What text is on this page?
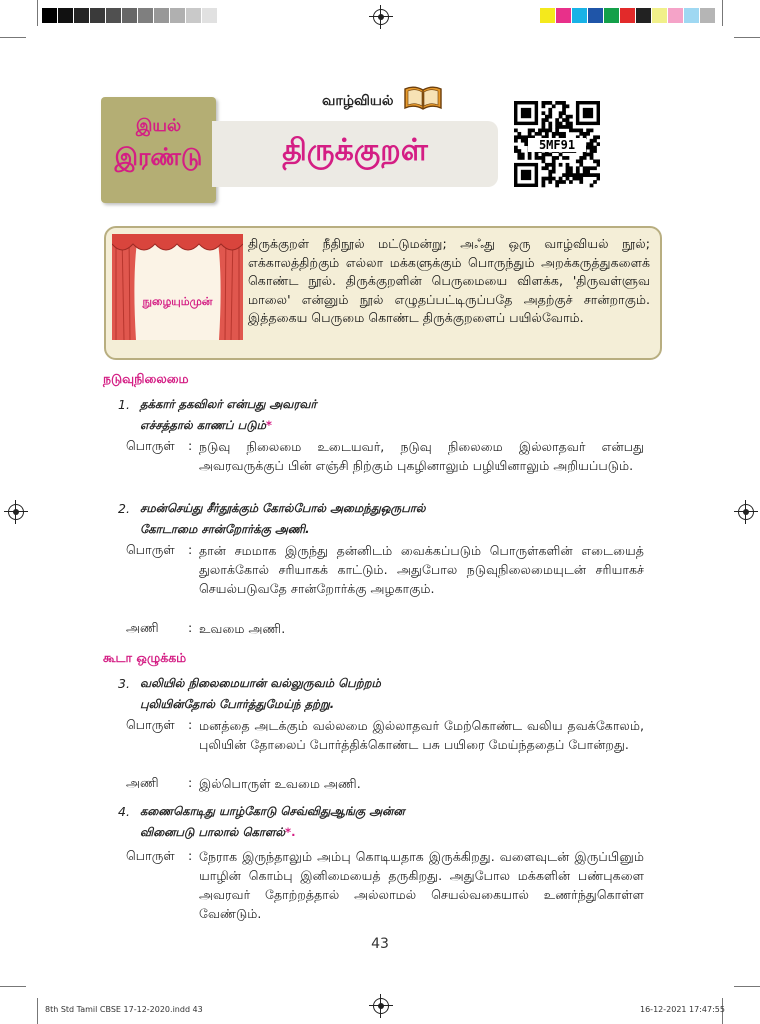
இயல்
இரண்டு
வாழ்வியல்
திருக்குறள்	5MF91
நுழையும்முன்
திருக்குறள் நீதிநூல் மட்டுமன்று; அஃது ஒரு வாழ்வியல் நூல்; எக்காலத்திற்கும் எல்லா மக்களுக்கும் பொருந்தும் அறக்கருத்துகளைக் கொண்ட நூல். திருக்குறளின் பெருமையை விளக்க, 'திருவள்ளுவ மாலை' என்னும் நூல் எழுதப்பட்டிருப்பதே அதற்குச் சான்றாகும். இத்தகைய பெருமை கொண்ட திருக்குறளைப் பயில்வோம்.
நடுவுநிலைமை
1. தக்கார் தகவிலர் என்பது அவரவர்
எச்சத்தால் காணப் படும்*
பொருள் : நடுவு நிலைமை உடையவர், நடுவு நிலைமை இல்லாதவர் என்பது அவரவருக்குப் பின் எஞ்சி நிற்கும் புகழினாலும் பழியினாலும் அறியப்படும்.
2. சமன்செய்து சீர்தூக்கும் கோல்போல் அமைந்துஒருபால்
கோடாமை சான்றோர்க்கு அணி.
பொருள் : தான் சமமாக இருந்து தன்னிடம் வைக்கப்படும் பொருள்களின் எடையைத் துலாக்கோல் சரியாகக் காட்டும். அதுபோல நடுவுநிலைமையுடன் சரியாகச் செயல்படுவதே சான்றோர்க்கு அழகாகும்.
அணி : உவமை அணி.
கூடா ஒழுக்கம்
3. வலியில் நிலைமையான் வல்லுருவம் பெற்றம்
புலியின்தோல் போர்த்துமேய்ந் தற்று.
பொருள் : மனத்தை அடக்கும் வல்லமை இல்லாதவர் மேற்கொண்ட வலிய தவக்கோலம், புலியின் தோலைப் போர்த்திக்கொண்ட பசு பயிரை மேய்ந்ததைப் போன்றது.
அணி : இல்பொருள் உவமை அணி.
4. கணைகொடிது யாழ்கோடு செவ்விதுஆங்கு அன்ன
வினைபடு பாலால் கொளல்*.
பொருள் : நேராக இருந்தாலும் அம்பு கொடியதாக இருக்கிறது. வளைவுடன் இருப்பினும் யாழின் கொம்பு இனிமையைத் தருகிறது. அதுபோல மக்களின் பண்புகளை அவரவர் தோற்றத்தால் அல்லாமல் செயல்வகையால் உணர்ந்துகொள்ள வேண்டும்.
43
8th Std Tamil CBSE 17-12-2020.indd 43	16-12-2021 17:47:55
